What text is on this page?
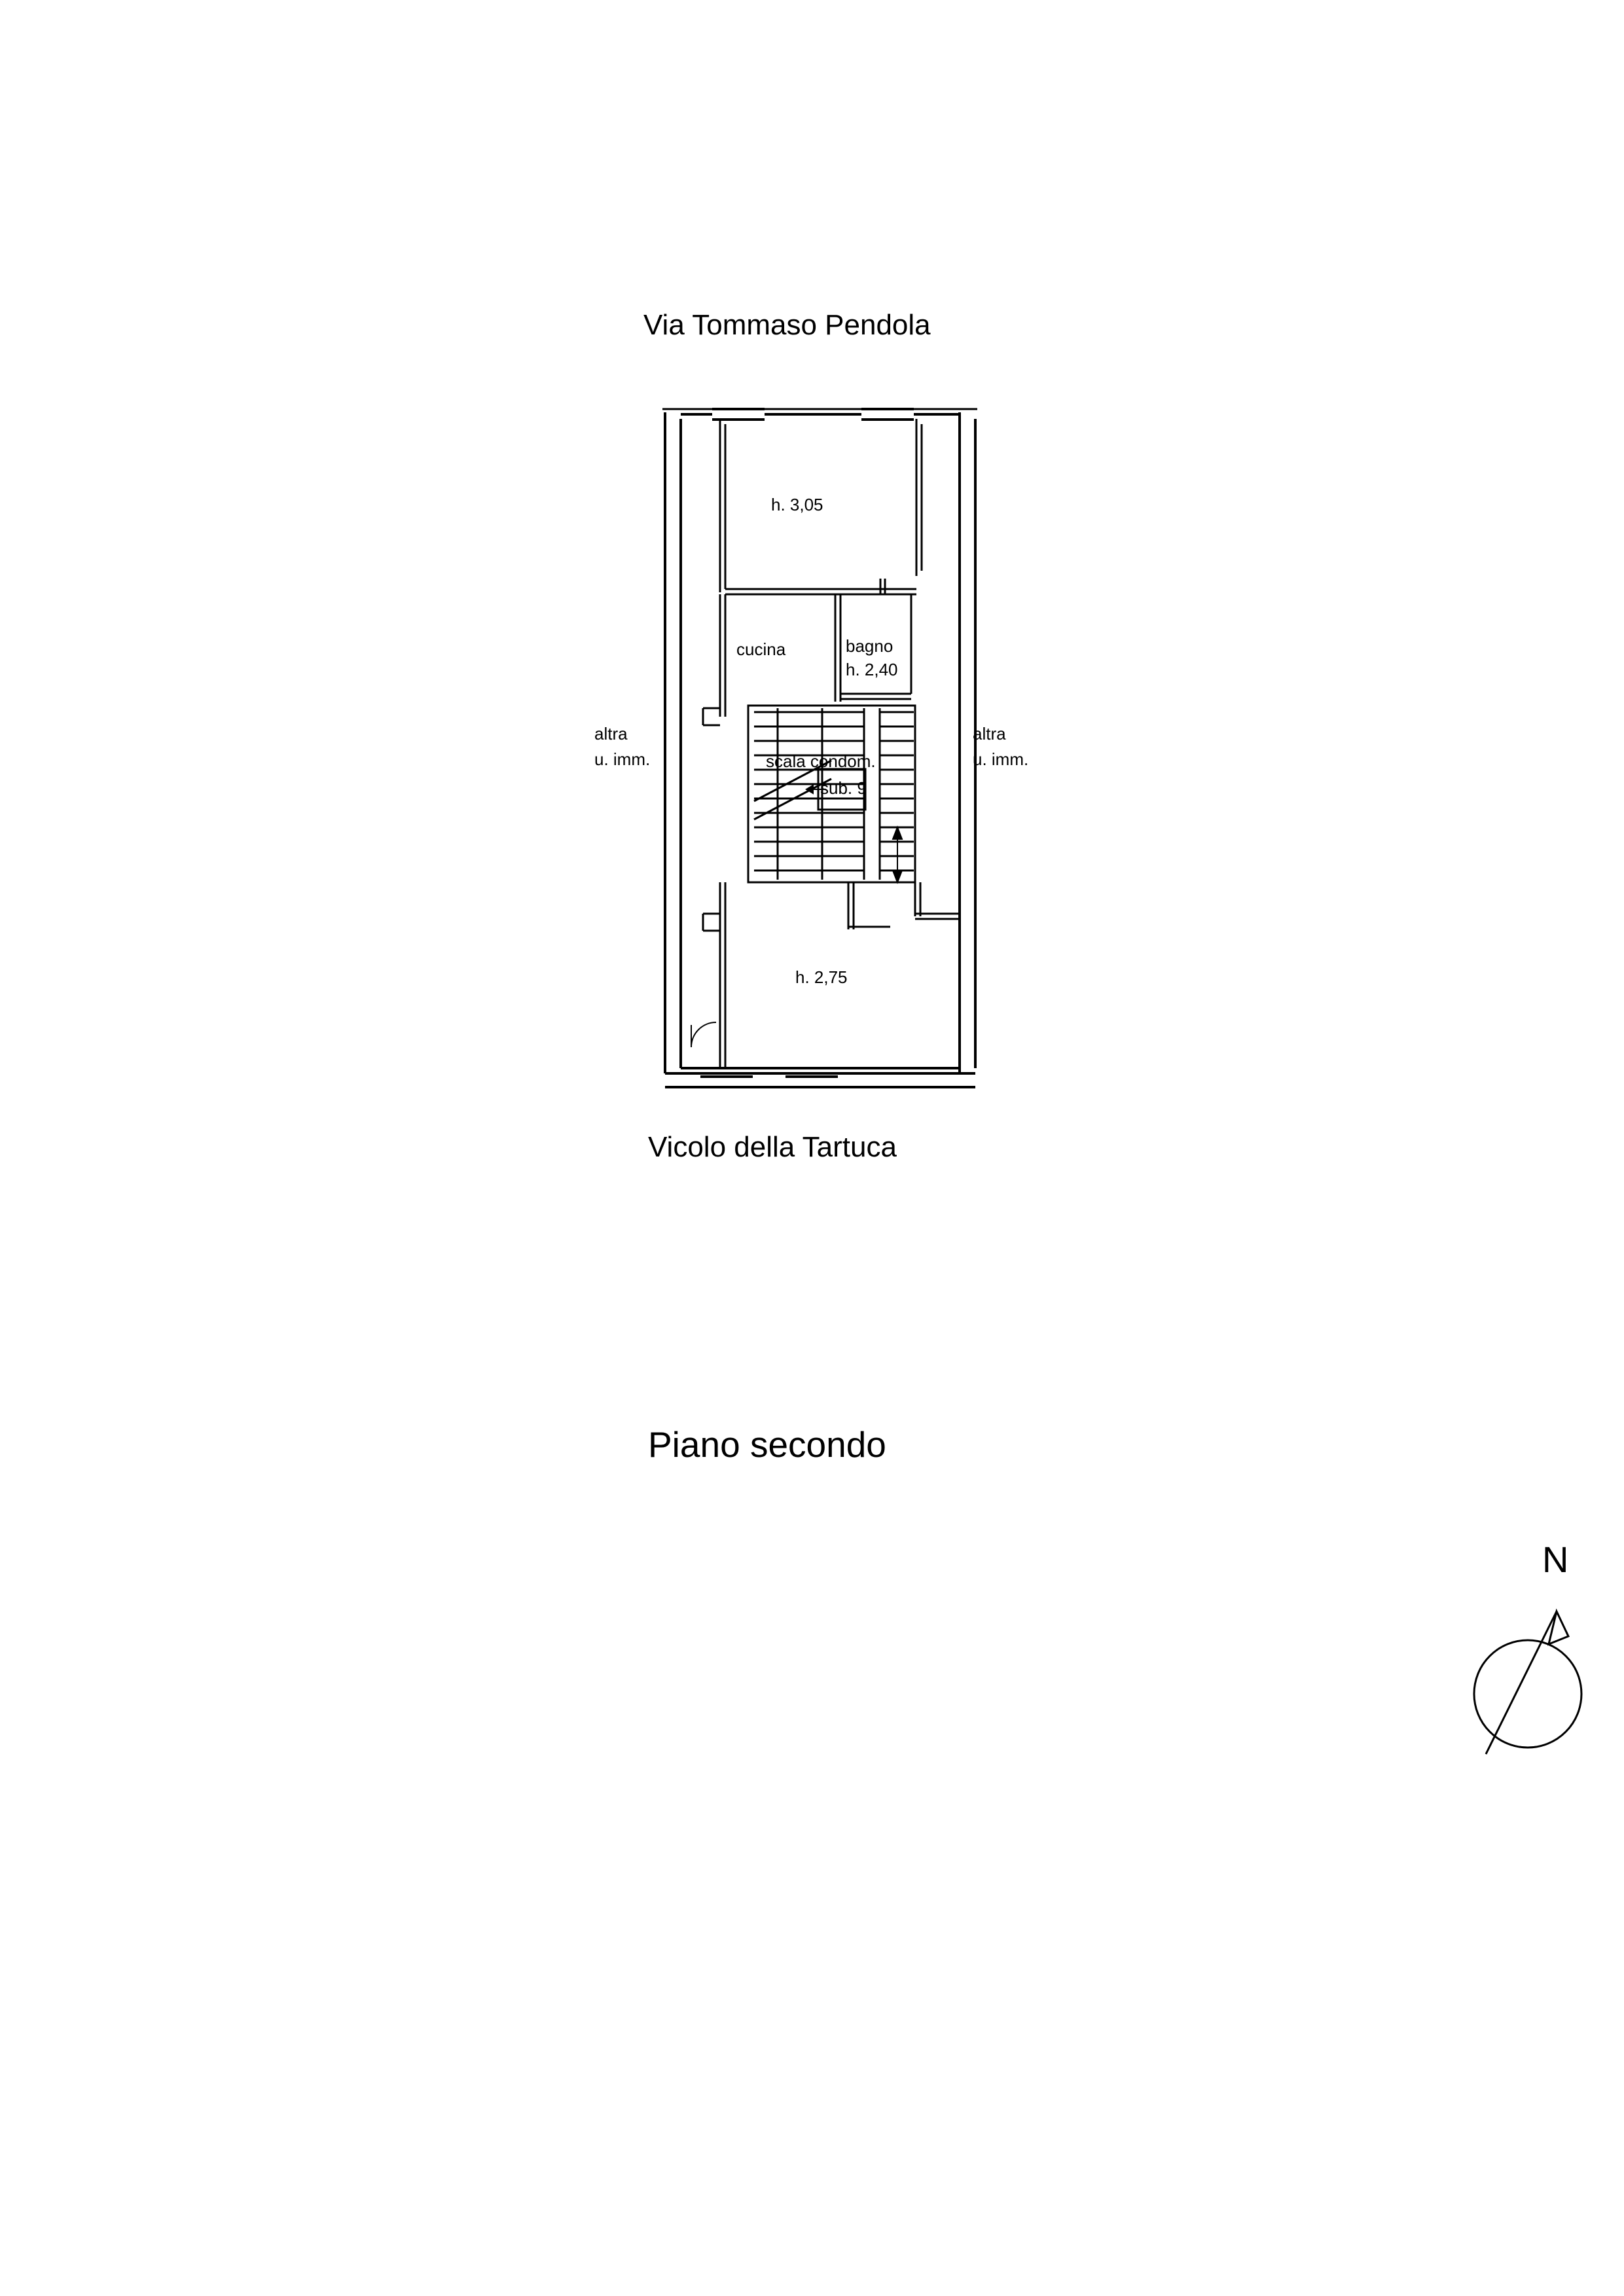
Via Tommaso Pendola
Vicolo della Tartuca
Piano secondo
N
h. 3,05
cucina	bagno
h. 2,40
h. 2,75
altra
u. imm.
altra
u. imm.
scala condom.
sub. 9
